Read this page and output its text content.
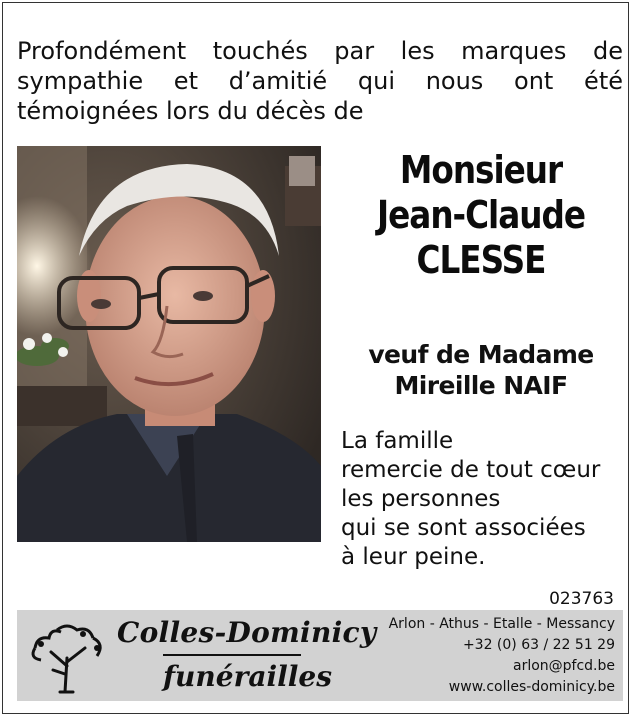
Profondément touchés par les marques de sympathie et d’amitié qui nous ont été témoignées lors du décès de
Monsieur
Jean-Claude
CLESSE
veuf de Madame
Mireille NAIF
La famille
remercie de tout cœur
les personnes
qui se sont associées
à leur peine.
023763
Colles-Dominicy
funérailles
Arlon - Athus - Etalle - Messancy
+32 (0) 63 / 22 51 29
arlon@pfcd.be
www.colles-dominicy.be
